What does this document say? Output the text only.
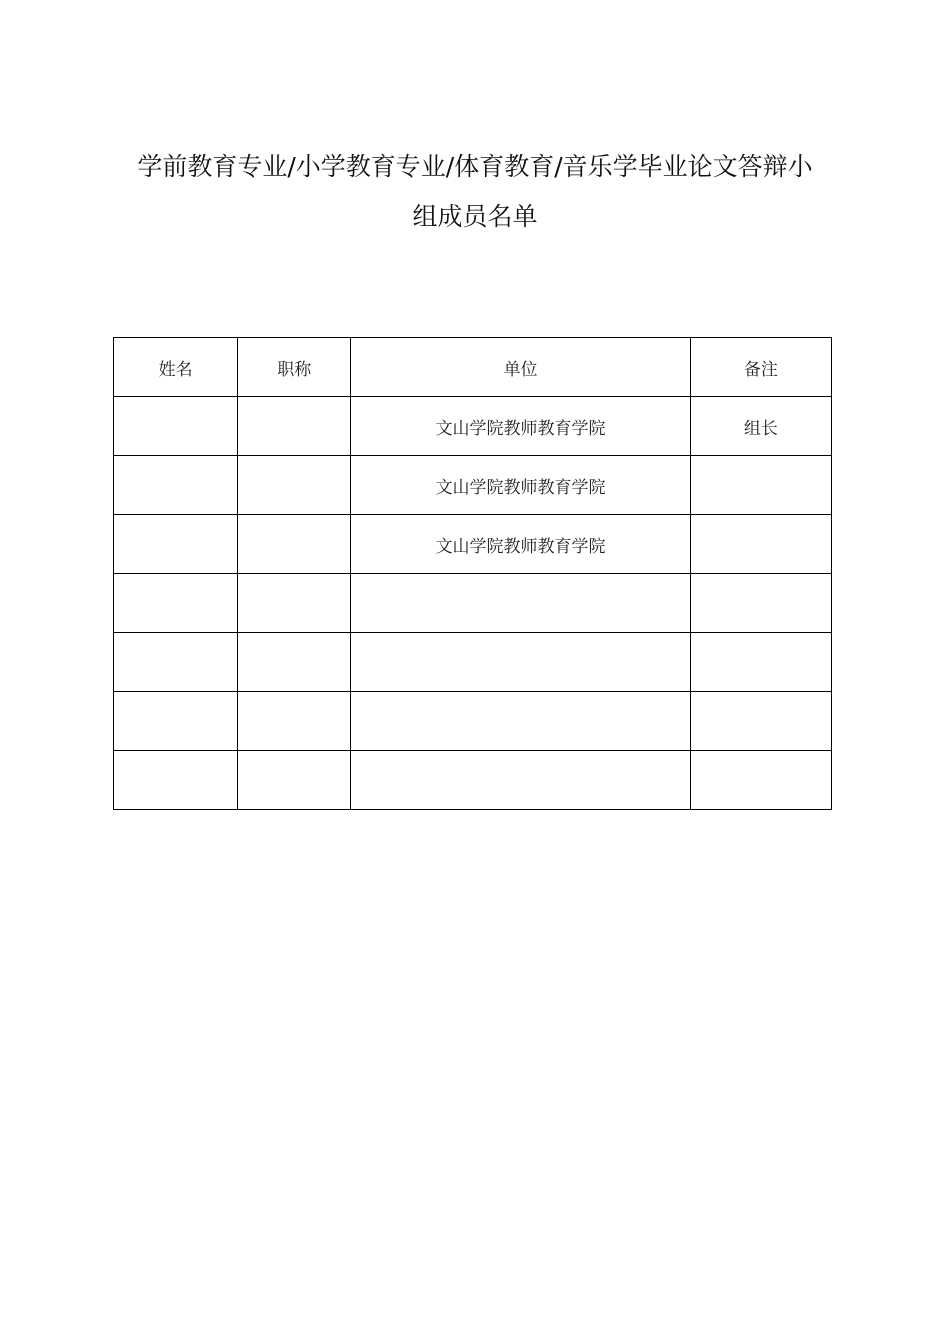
学前教育专业/小学教育专业/体育教育/音乐学毕业论文答辩小
组成员名单
姓名	职称	单位	备注
		文山学院教师教育学院	组长
		文山学院教师教育学院	
		文山学院教师教育学院	
